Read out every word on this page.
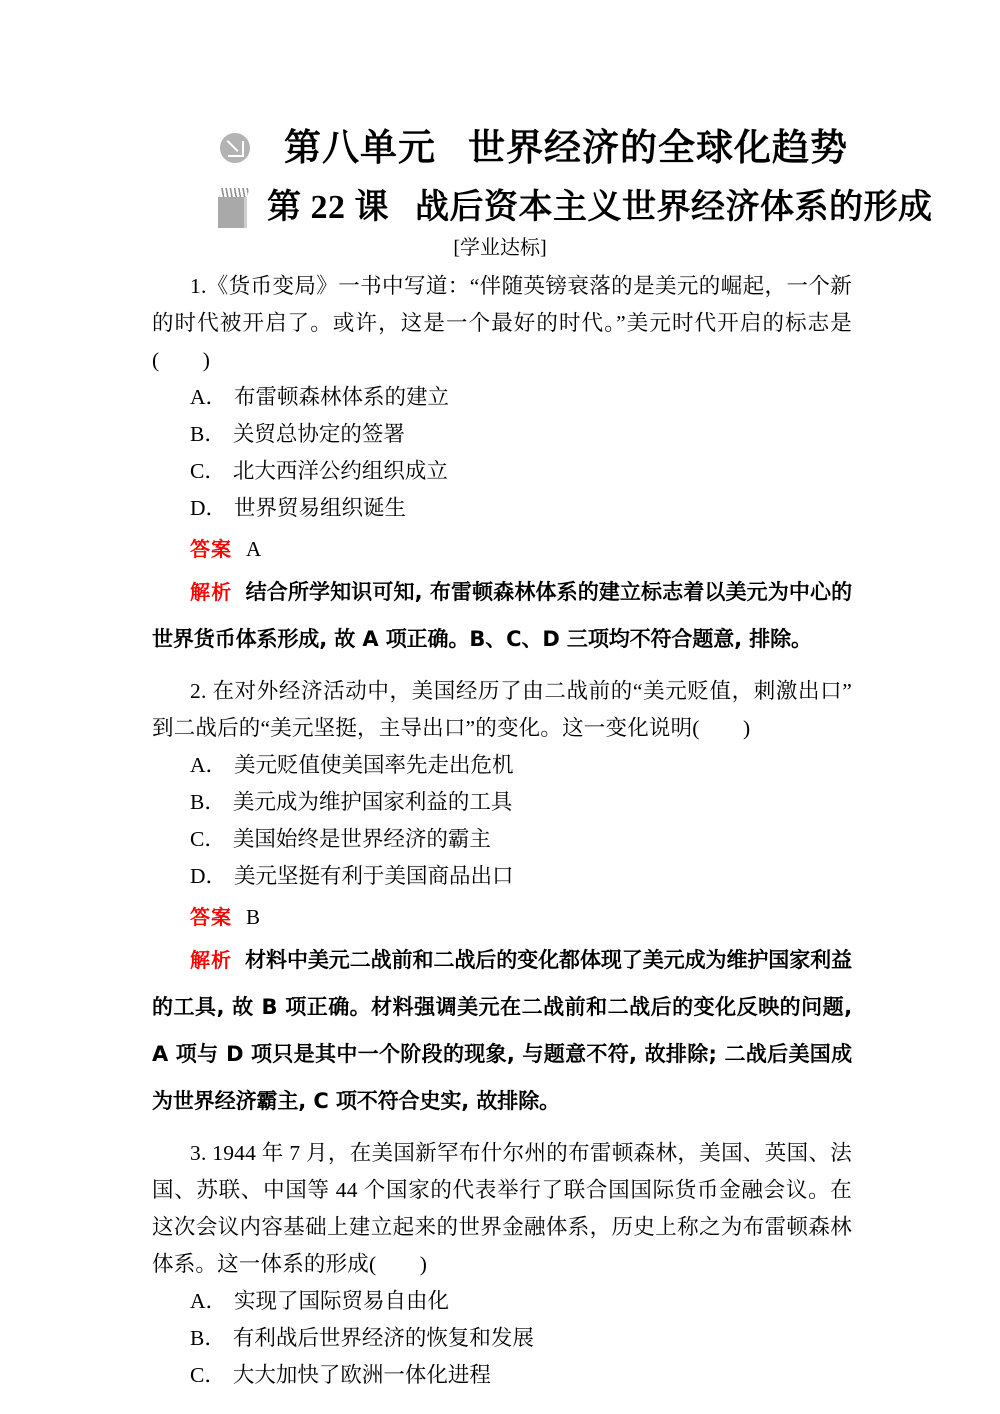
第八单元 世界经济的全球化趋势
第 22 课 战后资本主义世界经济体系的形成
[学业达标]

1.《货币变局》一书中写道：“伴随英镑衰落的是美元的崛起，一个新的时代被开启了。或许，这是一个最好的时代。”美元时代开启的标志是(　　)

A． 布雷顿森林体系的建立

B． 关贸总协定的签署

C． 北大西洋公约组织成立

D． 世界贸易组织诞生

答案 A

解析 结合所学知识可知, 布雷顿森林体系的建立标志着以美元为中心的世界货币体系形成, 故 A 项正确。B、C、D 三项均不符合题意, 排除。

2. 在对外经济活动中，美国经历了由二战前的“美元贬值，刺激出口”到二战后的“美元坚挺，主导出口”的变化。这一变化说明(　　)

A． 美元贬值使美国率先走出危机

B． 美元成为维护国家利益的工具

C． 美国始终是世界经济的霸主

D． 美元坚挺有利于美国商品出口

答案 B

解析 材料中美元二战前和二战后的变化都体现了美元成为维护国家利益的工具, 故 B 项正确。材料强调美元在二战前和二战后的变化反映的问题, A 项与 D 项只是其中一个阶段的现象, 与题意不符, 故排除; 二战后美国成为世界经济霸主, C 项不符合史实, 故排除。

3. 1944 年 7 月，在美国新罕布什尔州的布雷顿森林，美国、英国、法国、苏联、中国等 44 个国家的代表举行了联合国国际货币金融会议。在这次会议内容基础上建立起来的世界金融体系，历史上称之为布雷顿森林体系。这一体系的形成(　　)

A． 实现了国际贸易自由化

B． 有利战后世界经济的恢复和发展

C． 大大加快了欧洲一体化进程
